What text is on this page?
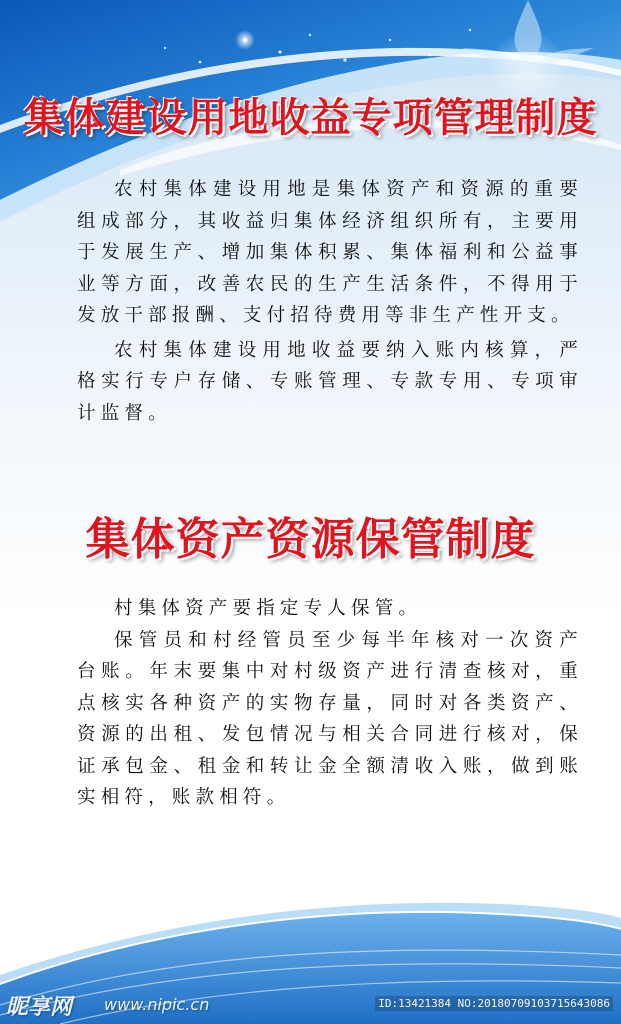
集体建设用地收益专项管理制度

农村集体建设用地是集体资产和资源的重要组成部分，其收益归集体经济组织所有，主要用于发展生产、增加集体积累、集体福利和公益事业等方面，改善农民的生产生活条件，不得用于发放干部报酬、支付招待费用等非生产性开支。

农村集体建设用地收益要纳入账内核算，严格实行专户存储、专账管理、专款专用、专项审计监督。

集体资产资源保管制度

村集体资产要指定专人保管。

保管员和村经管员至少每半年核对一次资产台账。年末要集中对村级资产进行清查核对，重点核实各种资产的实物存量，同时对各类资产、资源的出租、发包情况与相关合同进行核对，保证承包金、租金和转让金全额清收入账，做到账实相符，账款相符。

昵享网 www.nipic.cn	ID:13421384 NO:20180709103715643086
